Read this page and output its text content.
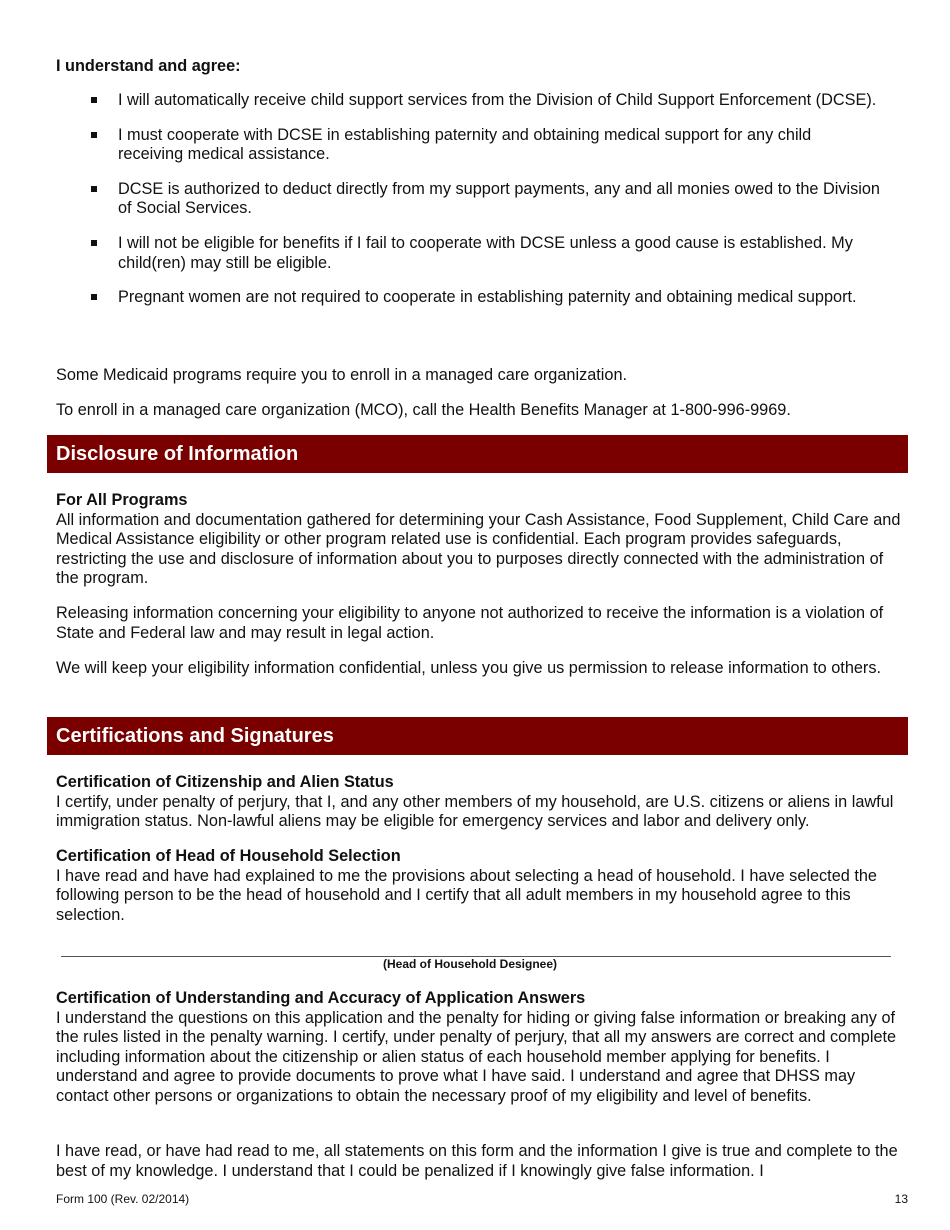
I understand and agree:

I will automatically receive child support services from the Division of Child Support Enforcement (DCSE).
I must cooperate with DCSE in establishing paternity and obtaining medical support for any child receiving medical assistance.
DCSE is authorized to deduct directly from my support payments, any and all monies owed to the Division of Social Services.
I will not be eligible for benefits if I fail to cooperate with DCSE unless a good cause is established. My child(ren) may still be eligible.
Pregnant women are not required to cooperate in establishing paternity and obtaining medical support.

Some Medicaid programs require you to enroll in a managed care organization.

To enroll in a managed care organization (MCO), call the Health Benefits Manager at 1-800-996-9969.

Disclosure of Information
For All Programs
All information and documentation gathered for determining your Cash Assistance, Food Supplement, Child Care and Medical Assistance eligibility or other program related use is confidential. Each program provides safeguards, restricting the use and disclosure of information about you to purposes directly connected with the administration of the program.

Releasing information concerning your eligibility to anyone not authorized to receive the information is a violation of State and Federal law and may result in legal action.

We will keep your eligibility information confidential, unless you give us permission to release information to others.

Certifications and Signatures
Certification of Citizenship and Alien Status
I certify, under penalty of perjury, that I, and any other members of my household, are U.S. citizens or aliens in lawful immigration status. Non-lawful aliens may be eligible for emergency services and labor and delivery only.
Certification of Head of Household Selection
I have read and have had explained to me the provisions about selecting a head of household. I have selected the following person to be the head of household and I certify that all adult members in my household agree to this selection.
(Head of Household Designee)
Certification of Understanding and Accuracy of Application Answers
I understand the questions on this application and the penalty for hiding or giving false information or breaking any of the rules listed in the penalty warning. I certify, under penalty of perjury, that all my answers are correct and complete including information about the citizenship or alien status of each household member applying for benefits. I understand and agree to provide documents to prove what I have said. I understand and agree that DHSS may contact other persons or organizations to obtain the necessary proof of my eligibility and level of benefits.

I have read, or have had read to me, all statements on this form and the information I give is true and complete to the best of my knowledge. I understand that I could be penalized if I knowingly give false information. I

Form 100 (Rev. 02/2014)	13
